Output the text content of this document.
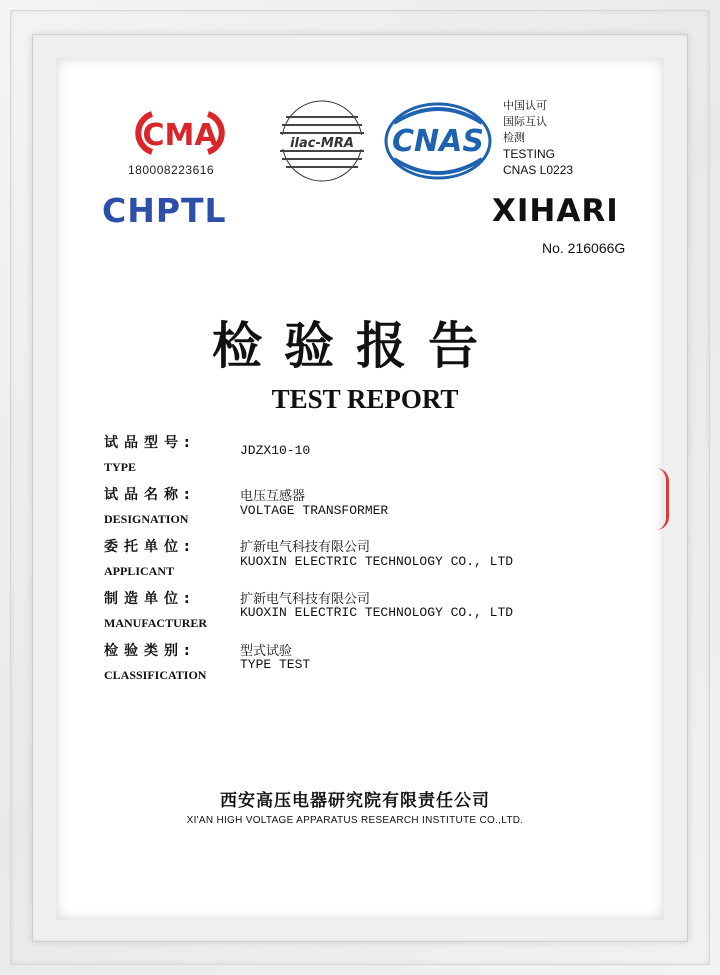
CMA
180008223616
ilac-MRA CNAS
中国认可
国际互认
检测
TESTING
CNAS L0223
CHPTL	XIHARI
No. 216066G
检验报告
TEST REPORT
试品型号:
TYPE
JDZX10-10
试品名称:
DESIGNATION
电压互感器
VOLTAGE TRANSFORMER
委托单位:
APPLICANT
扩新电气科技有限公司
KUOXIN ELECTRIC TECHNOLOGY CO., LTD
制造单位:
MANUFACTURER
扩新电气科技有限公司
KUOXIN ELECTRIC TECHNOLOGY CO., LTD
检验类别:
CLASSIFICATION
型式试验
TYPE TEST
西安高压电器研究院有限责任公司
XI'AN HIGH VOLTAGE APPARATUS RESEARCH INSTITUTE CO.,LTD.
